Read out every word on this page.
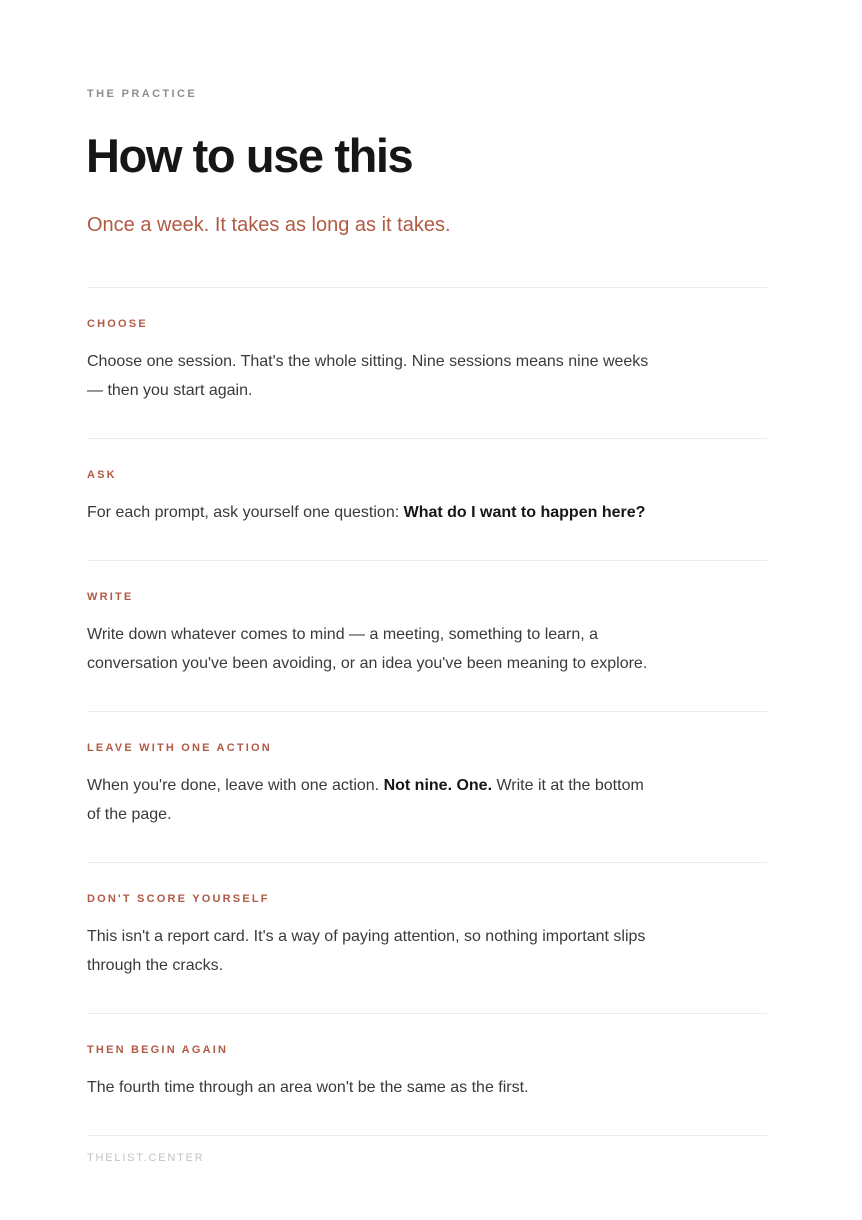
THE PRACTICE

How to use this

Once a week. It takes as long as it takes.

CHOOSE

Choose one session. That's the whole sitting. Nine sessions means nine weeks — then you start again.

ASK

For each prompt, ask yourself one question: What do I want to happen here?

WRITE

Write down whatever comes to mind — a meeting, something to learn, a conversation you've been avoiding, or an idea you've been meaning to explore.

LEAVE WITH ONE ACTION

When you're done, leave with one action. Not nine. One. Write it at the bottom of the page.

DON'T SCORE YOURSELF

This isn't a report card. It's a way of paying attention, so nothing important slips through the cracks.

THEN BEGIN AGAIN

The fourth time through an area won't be the same as the first.

THELIST.CENTER
